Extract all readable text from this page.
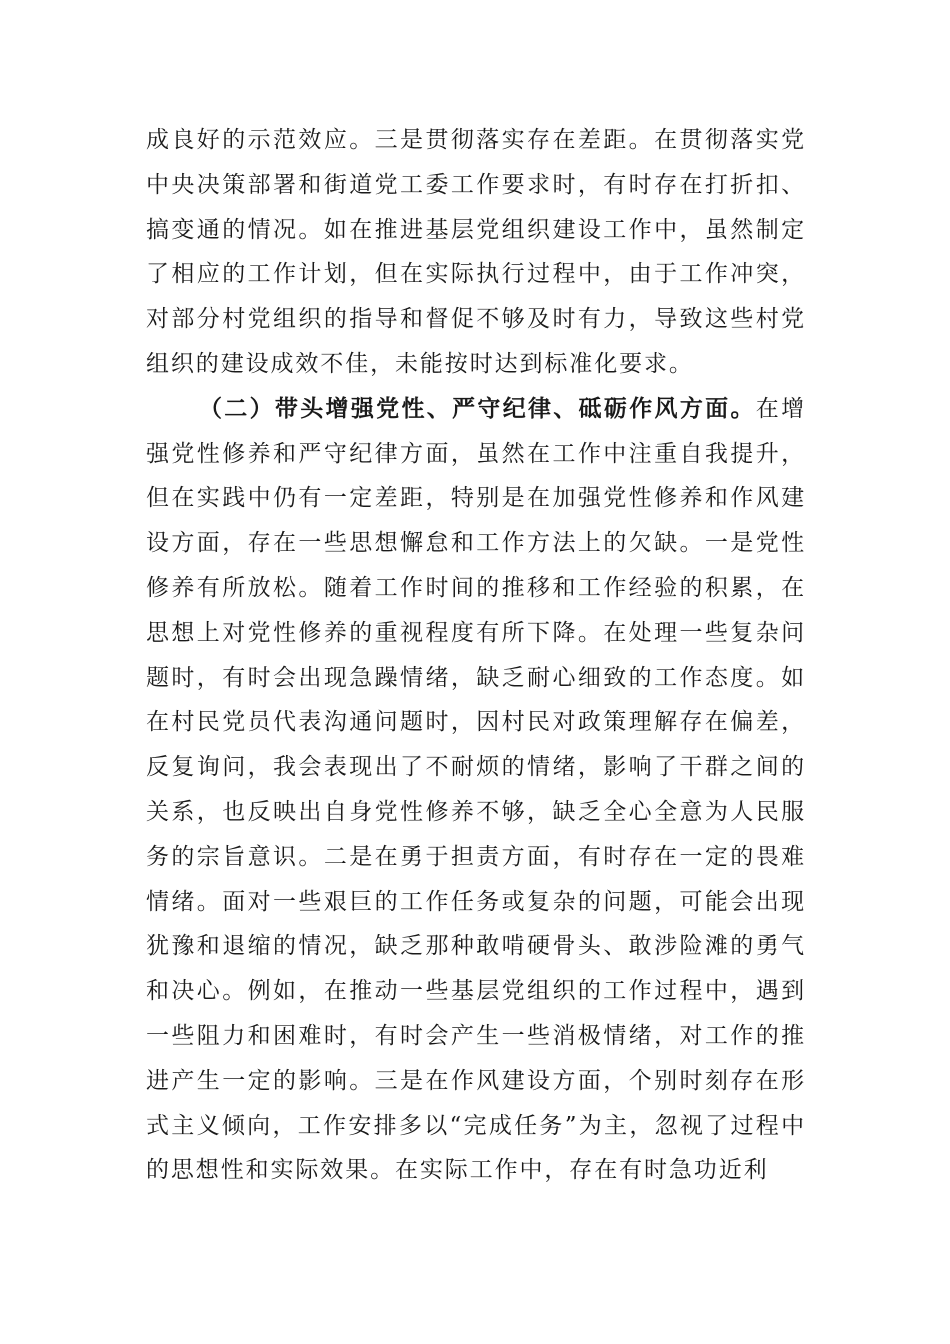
成良好的示范效应。三是贯彻落实存在差距。在贯彻落实党中央决策部署和街道党工委工作要求时，有时存在打折扣、搞变通的情况。如在推进基层党组织建设工作中，虽然制定了相应的工作计划，但在实际执行过程中，由于工作冲突，对部分村党组织的指导和督促不够及时有力，导致这些村党组织的建设成效不佳，未能按时达到标准化要求。

（二）带头增强党性、严守纪律、砥砺作风方面。在增强党性修养和严守纪律方面，虽然在工作中注重自我提升，但在实践中仍有一定差距，特别是在加强党性修养和作风建设方面，存在一些思想懈怠和工作方法上的欠缺。一是党性修养有所放松。随着工作时间的推移和工作经验的积累，在思想上对党性修养的重视程度有所下降。在处理一些复杂问题时，有时会出现急躁情绪，缺乏耐心细致的工作态度。如在村民党员代表沟通问题时，因村民对政策理解存在偏差，反复询问，我会表现出了不耐烦的情绪，影响了干群之间的关系，也反映出自身党性修养不够，缺乏全心全意为人民服务的宗旨意识。二是在勇于担责方面，有时存在一定的畏难情绪。面对一些艰巨的工作任务或复杂的问题，可能会出现犹豫和退缩的情况，缺乏那种敢啃硬骨头、敢涉险滩的勇气和决心。例如，在推动一些基层党组织的工作过程中，遇到一些阻力和困难时，有时会产生一些消极情绪，对工作的推进产生一定的影响。三是在作风建设方面，个别时刻存在形式主义倾向，工作安排多以“完成任务”为主，忽视了过程中的思想性和实际效果。在实际工作中，存在有时急功近利
